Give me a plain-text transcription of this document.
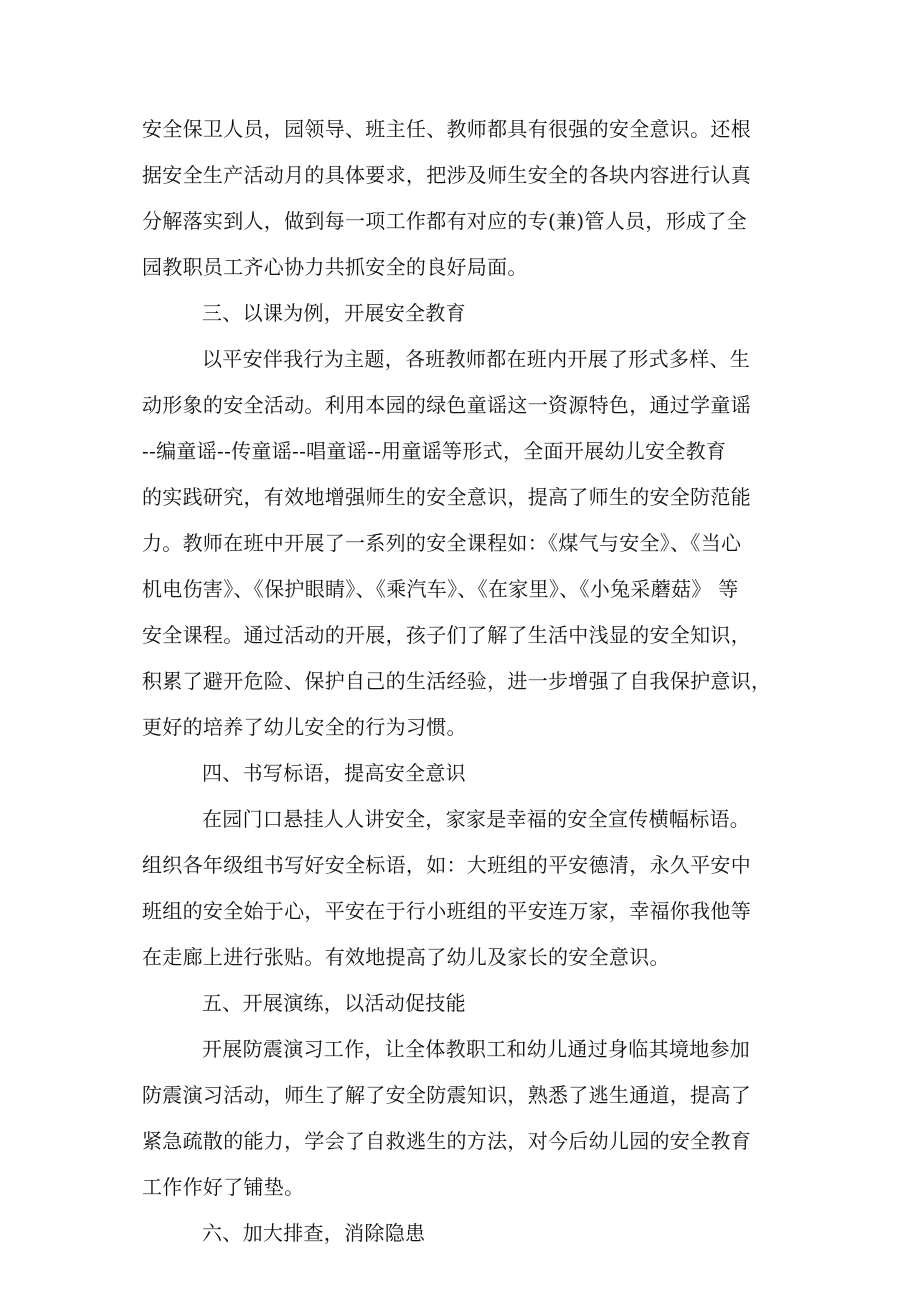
安全保卫人员，园领导、班主任、教师都具有很强的安全意识。还根
据安全生产活动月的具体要求，把涉及师生安全的各块内容进行认真
分解落实到人，做到每一项工作都有对应的专(兼)管人员，形成了全
园教职员工齐心协力共抓安全的良好局面。
三、以课为例，开展安全教育
以平安伴我行为主题，各班教师都在班内开展了形式多样、生
动形象的安全活动。利用本园的绿色童谣这一资源特色，通过学童谣
--编童谣--传童谣--唱童谣--用童谣等形式，全面开展幼儿安全教育
的实践研究，有效地增强师生的安全意识，提高了师生的安全防范能
力。教师在班中开展了一系列的安全课程如：《煤气与安全》、《当心
机电伤害》、《保护眼睛》、《乘汽车》、《在家里》、《小兔采蘑菇》 等
安全课程。通过活动的开展，孩子们了解了生活中浅显的安全知识，
积累了避开危险、保护自己的生活经验，进一步增强了自我保护意识，
更好的培养了幼儿安全的行为习惯。
四、书写标语，提高安全意识
在园门口悬挂人人讲安全，家家是幸福的安全宣传横幅标语。
组织各年级组书写好安全标语，如：大班组的平安德清，永久平安中
班组的安全始于心，平安在于行小班组的平安连万家，幸福你我他等
在走廊上进行张贴。有效地提高了幼儿及家长的安全意识。
五、开展演练，以活动促技能
开展防震演习工作，让全体教职工和幼儿通过身临其境地参加
防震演习活动，师生了解了安全防震知识，熟悉了逃生通道，提高了
紧急疏散的能力，学会了自救逃生的方法，对今后幼儿园的安全教育
工作作好了铺垫。
六、加大排查，消除隐患
